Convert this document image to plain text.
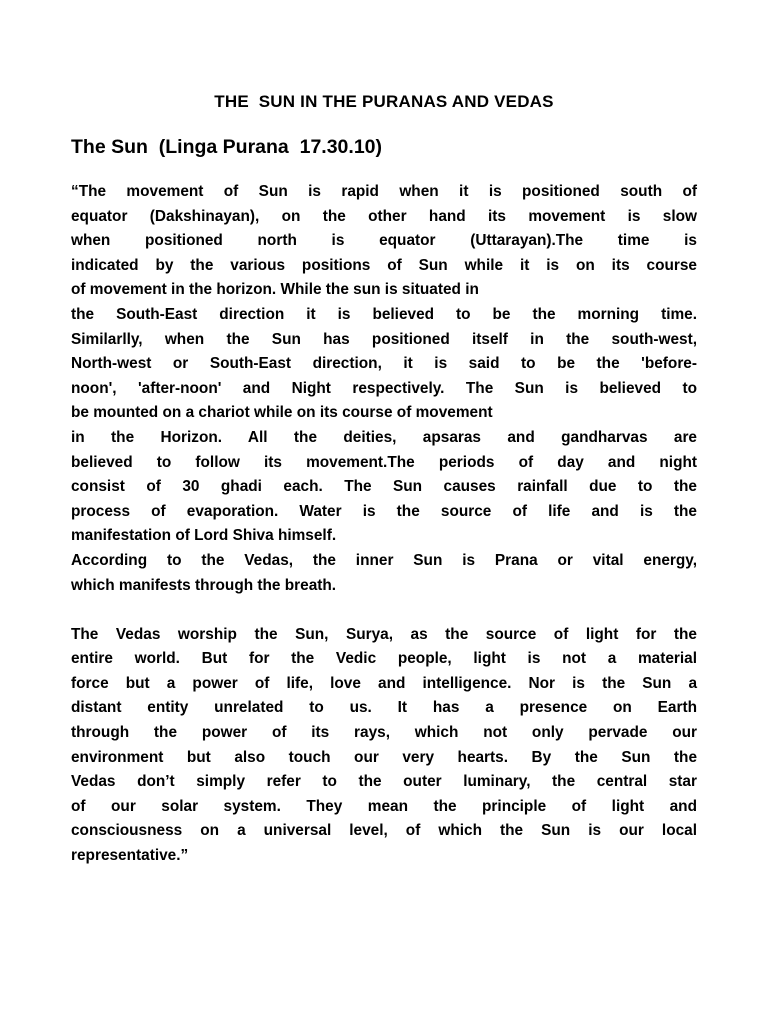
THE  SUN IN THE PURANAS AND VEDAS
The Sun  (Linga Purana  17.30.10)
“The movement of Sun is rapid when it is positioned south of
equator (Dakshinayan), on the other hand its movement is slow
when positioned north is equator (Uttarayan).The time is
indicated by the various positions of Sun while it is on its course
of movement in the horizon. While the sun is situated in
the South-East direction it is believed to be the morning time.
Similarlly, when the Sun has positioned itself in the south-west,
North-west or South-East direction, it is said to be the 'before-
noon', 'after-noon' and Night respectively. The Sun is believed to
be mounted on a chariot while on its course of movement
in the Horizon. All the deities, apsaras and gandharvas are
believed to follow its movement.The periods of day and night
consist of 30 ghadi each. The Sun causes rainfall due to the
process of evaporation. Water is the source of life and is the
manifestation of Lord Shiva himself.
According to the Vedas, the inner Sun is Prana or vital energy,
which manifests through the breath.
The Vedas worship the Sun, Surya, as the source of light for the
entire world. But for the Vedic people, light is not a material
force but a power of life, love and intelligence. Nor is the Sun a
distant entity unrelated to us. It has a presence on Earth
through the power of its rays, which not only pervade our
environment but also touch our very hearts. By the Sun the
Vedas don’t simply refer to the outer luminary, the central star
of our solar system. They mean the principle of light and
consciousness on a universal level, of which the Sun is our local
representative.”
